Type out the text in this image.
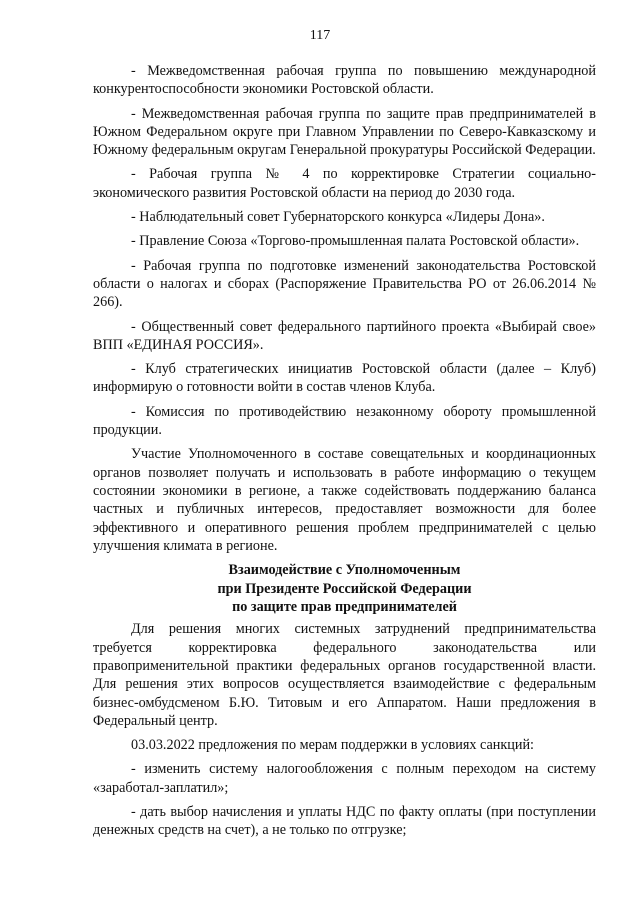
117

- Межведомственная рабочая группа по повышению международной конкурентоспособности экономики Ростовской области.

- Межведомственная рабочая группа по защите прав предпринимателей в Южном Федеральном округе при Главном Управлении по Северо-Кавказскому и Южному федеральным округам Генеральной прокуратуры Российской Федерации.

- Рабочая группа № 4 по корректировке Стратегии социально-экономического развития Ростовской области на период до 2030 года.

- Наблюдательный совет Губернаторского конкурса «Лидеры Дона».

- Правление Союза «Торгово-промышленная палата Ростовской области».

- Рабочая группа по подготовке изменений законодательства Ростовской области о налогах и сборах (Распоряжение Правительства РО от 26.06.2014 № 266).

- Общественный совет федерального партийного проекта «Выбирай свое» ВПП «ЕДИНАЯ РОССИЯ».

- Клуб стратегических инициатив Ростовской области (далее – Клуб) информирую о готовности войти в состав членов Клуба.

- Комиссия по противодействию незаконному обороту промышленной продукции.

Участие Уполномоченного в составе совещательных и координационных органов позволяет получать и использовать в работе информацию о текущем состоянии экономики в регионе, а также содействовать поддержанию баланса частных и публичных интересов, предоставляет возможности для более эффективного и оперативного решения проблем предпринимателей с целью улучшения климата в регионе.

Взаимодействие с Уполномоченным
при Президенте Российской Федерации
по защите прав предпринимателей

Для решения многих системных затруднений предпринимательства требуется корректировка федерального законодательства или правоприменительной практики федеральных органов государственной власти. Для решения этих вопросов осуществляется взаимодействие с федеральным бизнес-омбудсменом Б.Ю. Титовым и его Аппаратом. Наши предложения в Федеральный центр.

03.03.2022 предложения по мерам поддержки в условиях санкций:

- изменить систему налогообложения с полным переходом на систему «заработал-заплатил»;

- дать выбор начисления и уплаты НДС по факту оплаты (при поступлении денежных средств на счет), а не только по отгрузке;
